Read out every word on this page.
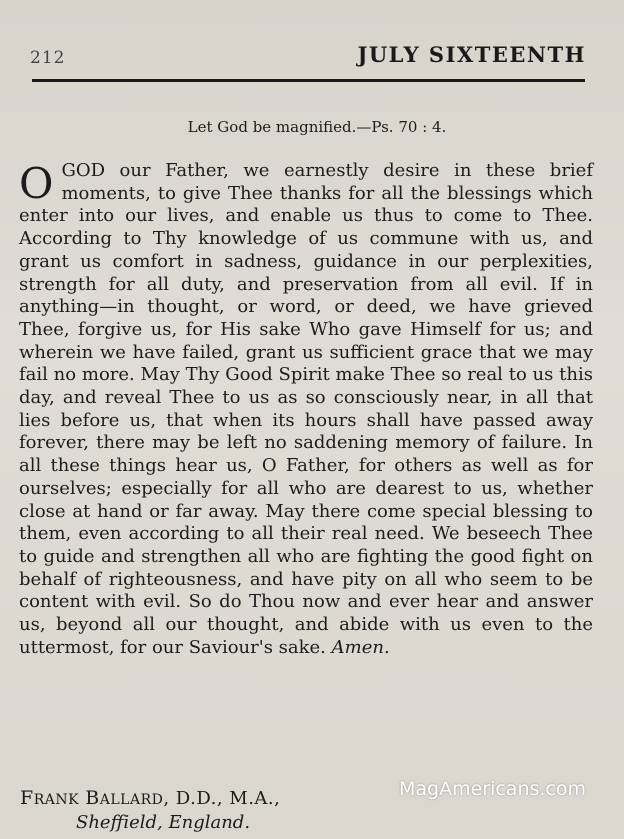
212	JULY SIXTEENTH
Let God be magnified.—Ps. 70 : 4.
O GOD our Father, we earnestly desire in these brief moments, to give Thee thanks for all the blessings which enter into our lives, and enable us thus to come to Thee. According to Thy knowledge of us commune with us, and grant us comfort in sadness, guidance in our perplexities, strength for all duty, and preservation from all evil. If in anything—in thought, or word, or deed, we have grieved Thee, forgive us, for His sake Who gave Himself for us; and wherein we have failed, grant us sufficient grace that we may fail no more. May Thy Good Spirit make Thee so real to us this day, and reveal Thee to us as so consciously near, in all that lies before us, that when its hours shall have passed away forever, there may be left no saddening memory of failure. In all these things hear us, O Father, for others as well as for ourselves; especially for all who are dearest to us, whether close at hand or far away. May there come special blessing to them, even according to all their real need. We beseech Thee to guide and strengthen all who are fighting the good fight on behalf of righteousness, and have pity on all who seem to be content with evil. So do Thou now and ever hear and answer us, beyond all our thought, and abide with us even to the uttermost, for our Saviour's sake. Amen.
FRANK BALLARD, D.D., M.A.,
Sheffield, England.
MagAmericans.com
